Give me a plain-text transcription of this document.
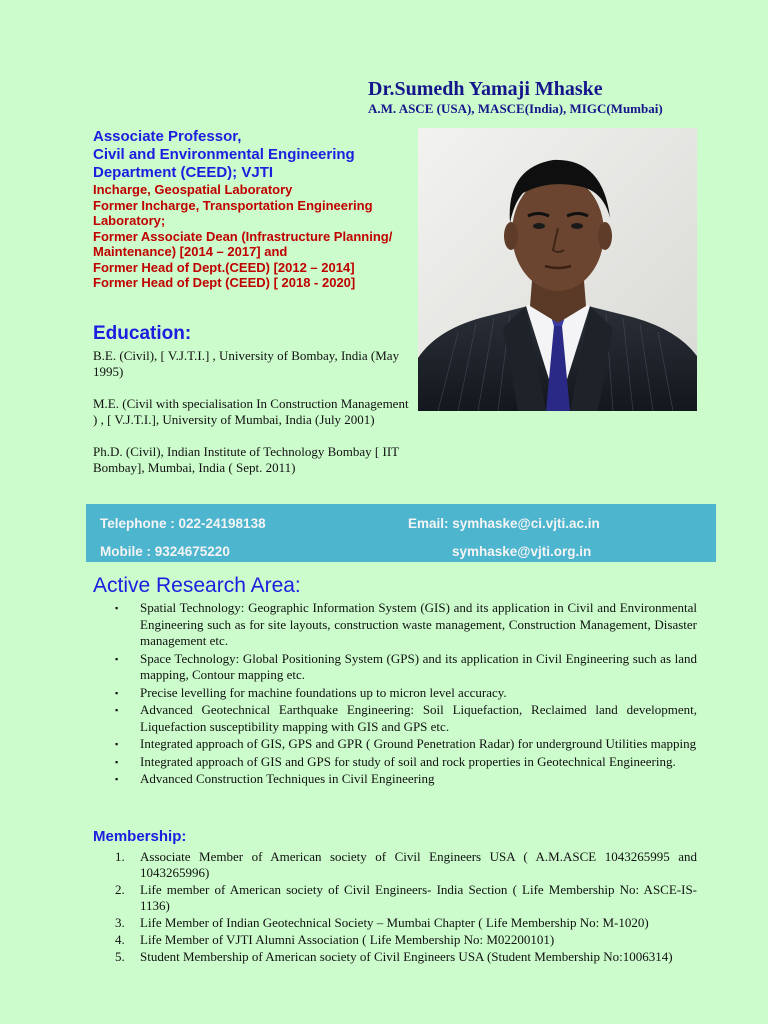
Dr.Sumedh Yamaji Mhaske
A.M. ASCE (USA), MASCE(India), MIGC(Mumbai)
Associate Professor,
Civil and Environmental Engineering
Department (CEED); VJTI
Incharge, Geospatial Laboratory
Former Incharge, Transportation Engineering Laboratory;
Former Associate Dean (Infrastructure Planning/ Maintenance) [2014 – 2017] and
Former Head of Dept.(CEED) [2012 – 2014]
Former Head of Dept (CEED) [ 2018 - 2020]
Education:
B.E. (Civil), [ V.J.T.I.] , University of Bombay, India (May 1995)
M.E. (Civil with specialisation In Construction Management ) , [ V.J.T.I.], University of Mumbai, India (July 2001)
Ph.D. (Civil), Indian Institute of Technology Bombay [ IIT Bombay], Mumbai, India ( Sept. 2011)
Telephone : 022-24198138	Email: symhaske@ci.vjti.ac.in
Mobile : 9324675220	symhaske@vjti.org.in
Active Research Area:
▪ Spatial Technology: Geographic Information System (GIS) and its application in Civil and Environmental Engineering such as for site layouts, construction waste management, Construction Management, Disaster management etc.
▪ Space Technology: Global Positioning System (GPS) and its application in Civil Engineering such as land mapping, Contour mapping etc.
▪ Precise levelling for machine foundations up to micron level accuracy.
▪ Advanced Geotechnical Earthquake Engineering: Soil Liquefaction, Reclaimed land development, Liquefaction susceptibility mapping with GIS and GPS etc.
▪ Integrated approach of GIS, GPS and GPR ( Ground Penetration Radar) for underground Utilities mapping
▪ Integrated approach of GIS and GPS for study of soil and rock properties in Geotechnical Engineering.
▪ Advanced Construction Techniques in Civil Engineering
Membership:
1. Associate Member of American society of Civil Engineers USA ( A.M.ASCE 1043265995 and 1043265996)
2. Life member of American society of Civil Engineers- India Section ( Life Membership No: ASCE-IS-1136)
3. Life Member of Indian Geotechnical Society – Mumbai Chapter ( Life Membership No: M-1020)
4. Life Member of VJTI Alumni Association ( Life Membership No: M02200101)
5. Student Membership of American society of Civil Engineers USA (Student Membership No:1006314)
